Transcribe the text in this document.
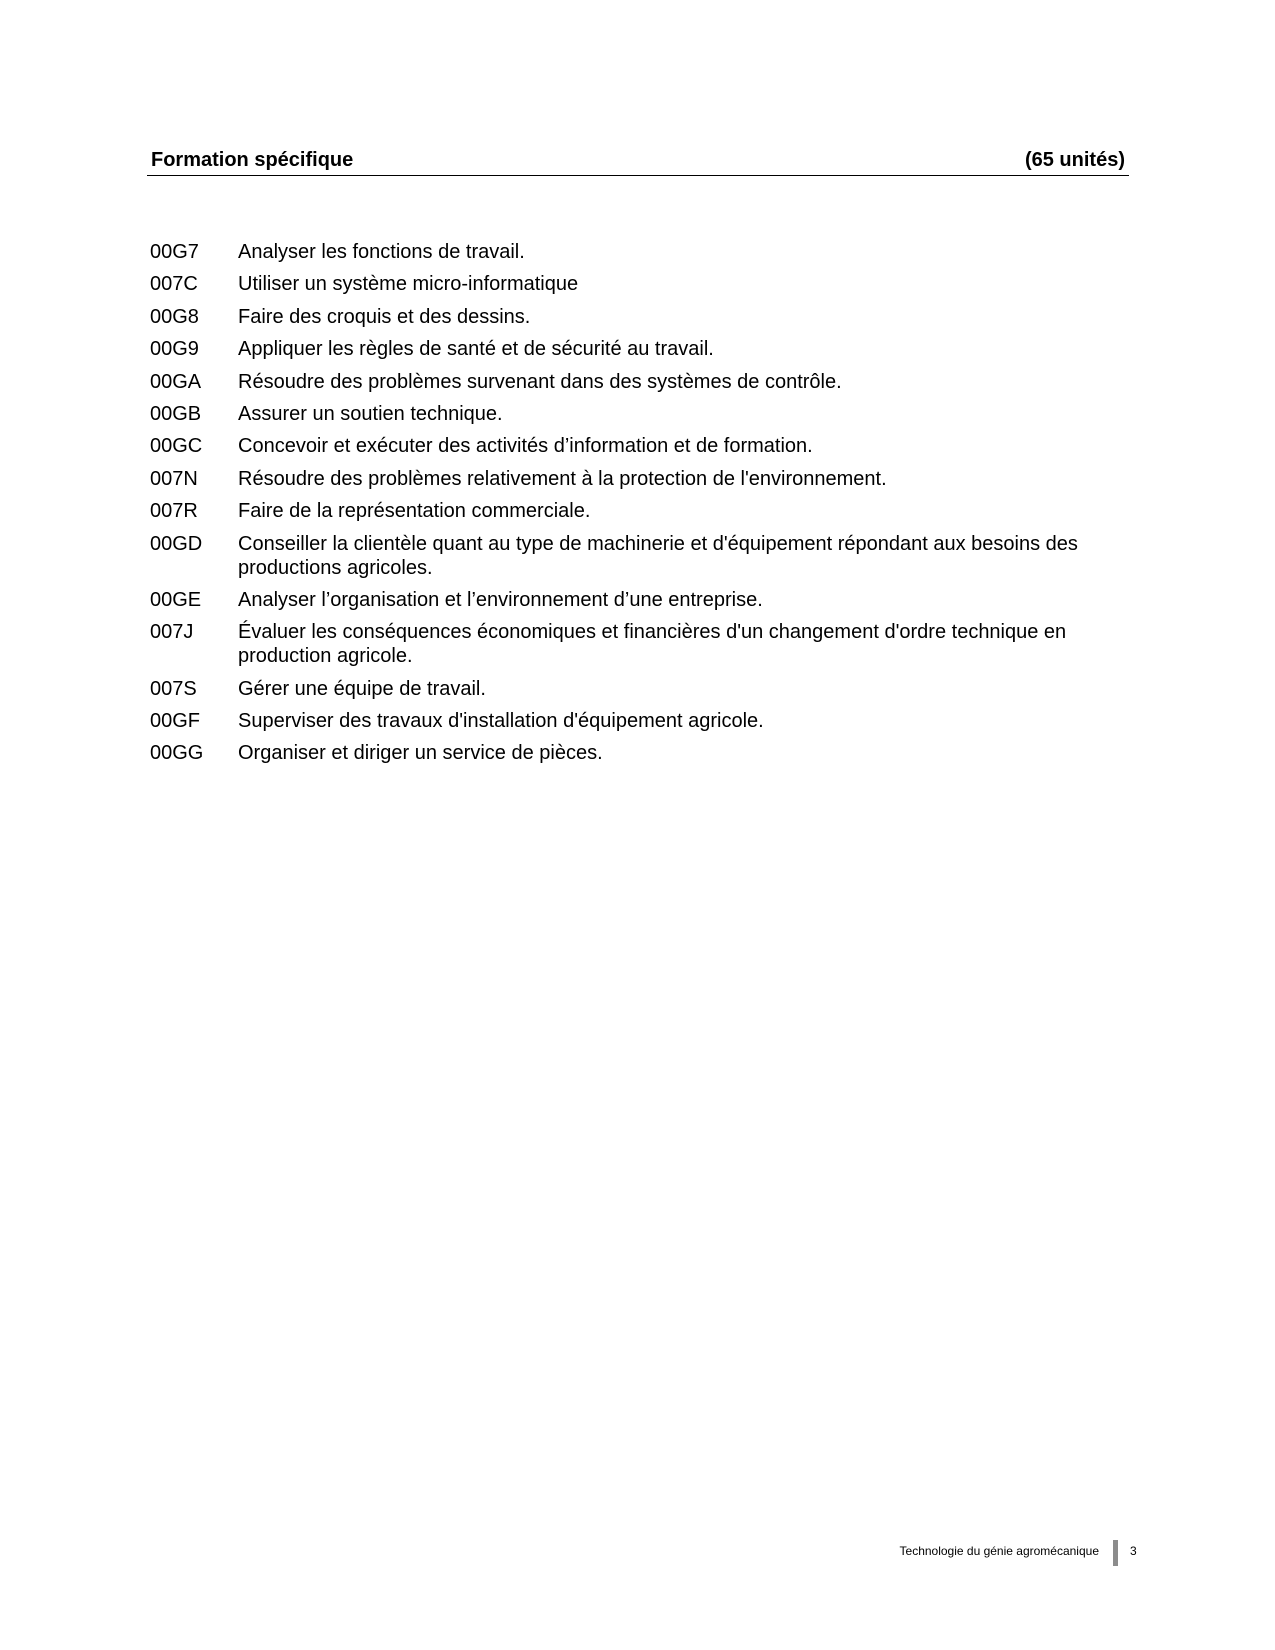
Formation spécifique	(65 unités)
00G7	Analyser les fonctions de travail.
007C	Utiliser un système micro-informatique
00G8	Faire des croquis et des dessins.
00G9	Appliquer les règles de santé et de sécurité au travail.
00GA	Résoudre des problèmes survenant dans des systèmes de contrôle.
00GB	Assurer un soutien technique.
00GC	Concevoir et exécuter des activités d’information et de formation.
007N	Résoudre des problèmes relativement à la protection de l'environnement.
007R	Faire de la représentation commerciale.
00GD	Conseiller la clientèle quant au type de machinerie et d'équipement répondant aux besoins des productions agricoles.
00GE	Analyser l’organisation et l’environnement d’une entreprise.
007J	Évaluer les conséquences économiques et financières d'un changement d'ordre technique en production agricole.
007S	Gérer une équipe de travail.
00GF	Superviser des travaux d'installation d'équipement agricole.
00GG	Organiser et diriger un service de pièces.
Technologie du génie agromécanique	3
